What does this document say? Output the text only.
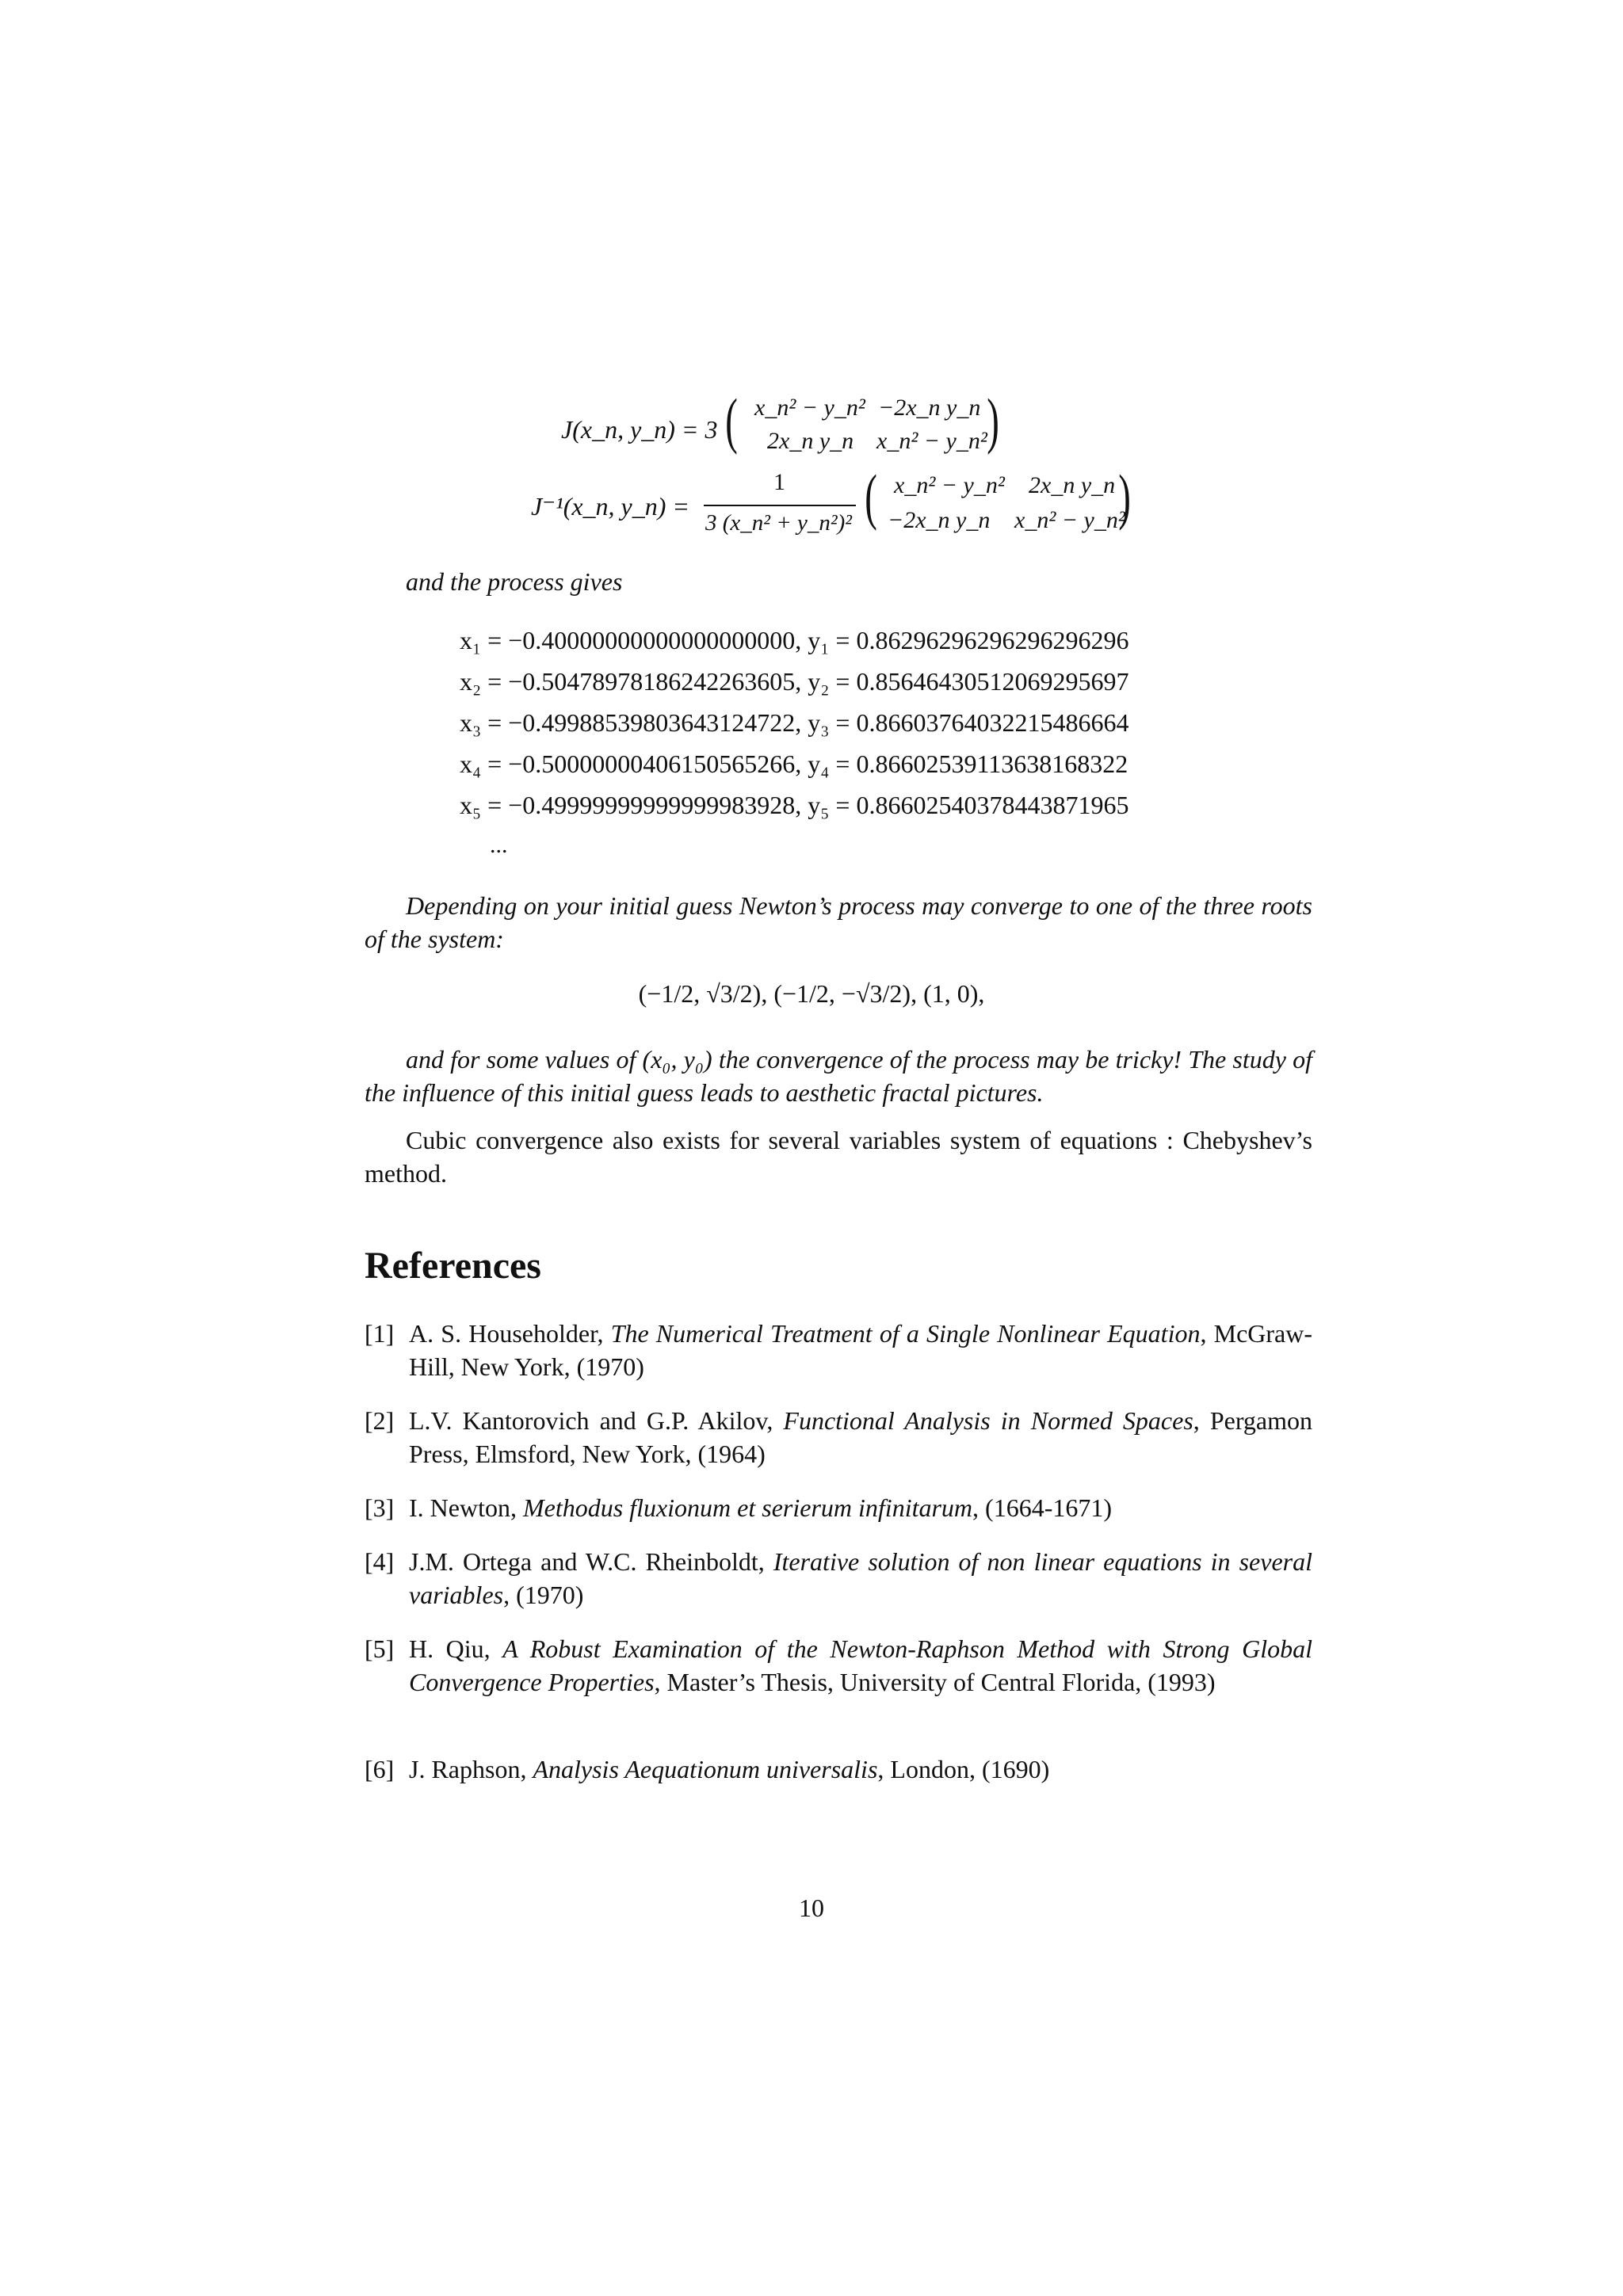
J(x_n, y_n) = 3 ( x_n² − y_n² −2x_n y_n
2x_n y_n x_n² − y_n² )
J⁻¹(x_n, y_n) =
1
3 (x_n² + y_n²)² ( x_n² − y_n² 2x_n y_n
−2x_n y_n x_n² − y_n²
)
and the process gives
x₁ = −0.40000000000000000000, y₁ = 0.86296296296296296296
x₂ = −0.50478978186242263605, y₂ = 0.85646430512069295697
x₃ = −0.49988539803643124722, y₃ = 0.86603764032215486664
x₄ = −0.50000000406150565266, y₄ = 0.86602539113638168322
x₅ = −0.49999999999999983928, y₅ = 0.86602540378443871965
...
Depending on your initial guess Newton’s process may converge to one of the three roots of the system:
(−1/2, √3/2), (−1/2, −√3/2), (1, 0),
and for some values of (x₀, y₀) the convergence of the process may be tricky! The study of the influence of this initial guess leads to aesthetic fractal pictures.
Cubic convergence also exists for several variables system of equations : Chebyshev’s method.
References
[1] A. S. Householder, The Numerical Treatment of a Single Nonlinear Equation, McGraw-Hill, New York, (1970)
[2] L.V. Kantorovich and G.P. Akilov, Functional Analysis in Normed Spaces, Pergamon Press, Elmsford, New York, (1964)
[3] I. Newton, Methodus fluxionum et serierum infinitarum, (1664-1671)
[4] J.M. Ortega and W.C. Rheinboldt, Iterative solution of non linear equations in several variables, (1970)
[5] H. Qiu, A Robust Examination of the Newton-Raphson Method with Strong Global Convergence Properties, Master’s Thesis, University of Central Florida, (1993)
[6] J. Raphson, Analysis Aequationum universalis, London, (1690)
10
